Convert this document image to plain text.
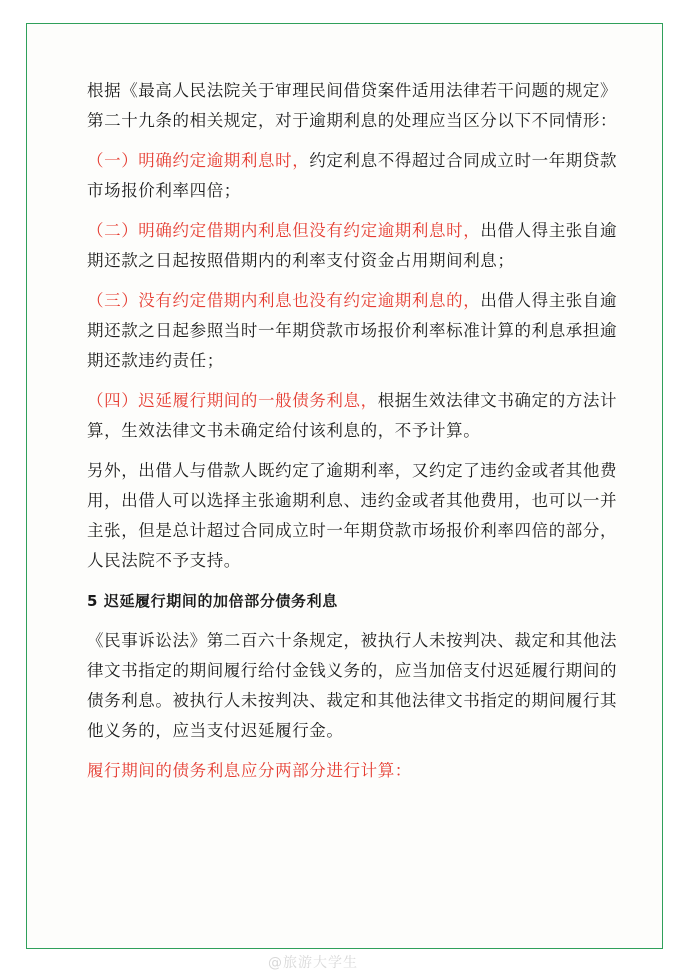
根据《最高人民法院关于审理民间借贷案件适用法律若干问题的规定》
第二十九条的相关规定，对于逾期利息的处理应当区分以下不同情形：
（一）明确约定逾期利息时，约定利息不得超过合同成立时一年期贷款
市场报价利率四倍；
（二）明确约定借期内利息但没有约定逾期利息时，出借人得主张自逾
期还款之日起按照借期内的利率支付资金占用期间利息；
（三）没有约定借期内利息也没有约定逾期利息的，出借人得主张自逾
期还款之日起参照当时一年期贷款市场报价利率标准计算的利息承担逾
期还款违约责任；
（四）迟延履行期间的一般债务利息，根据生效法律文书确定的方法计
算，生效法律文书未确定给付该利息的，不予计算。
另外，出借人与借款人既约定了逾期利率，又约定了违约金或者其他费
用，出借人可以选择主张逾期利息、违约金或者其他费用，也可以一并
主张，但是总计超过合同成立时一年期贷款市场报价利率四倍的部分，
人民法院不予支持。
5 迟延履行期间的加倍部分债务利息
《民事诉讼法》第二百六十条规定，被执行人未按判决、裁定和其他法
律文书指定的期间履行给付金钱义务的，应当加倍支付迟延履行期间的
债务利息。被执行人未按判决、裁定和其他法律文书指定的期间履行其
他义务的，应当支付迟延履行金。
履行期间的债务利息应分两部分进行计算：
@旅游大学生
